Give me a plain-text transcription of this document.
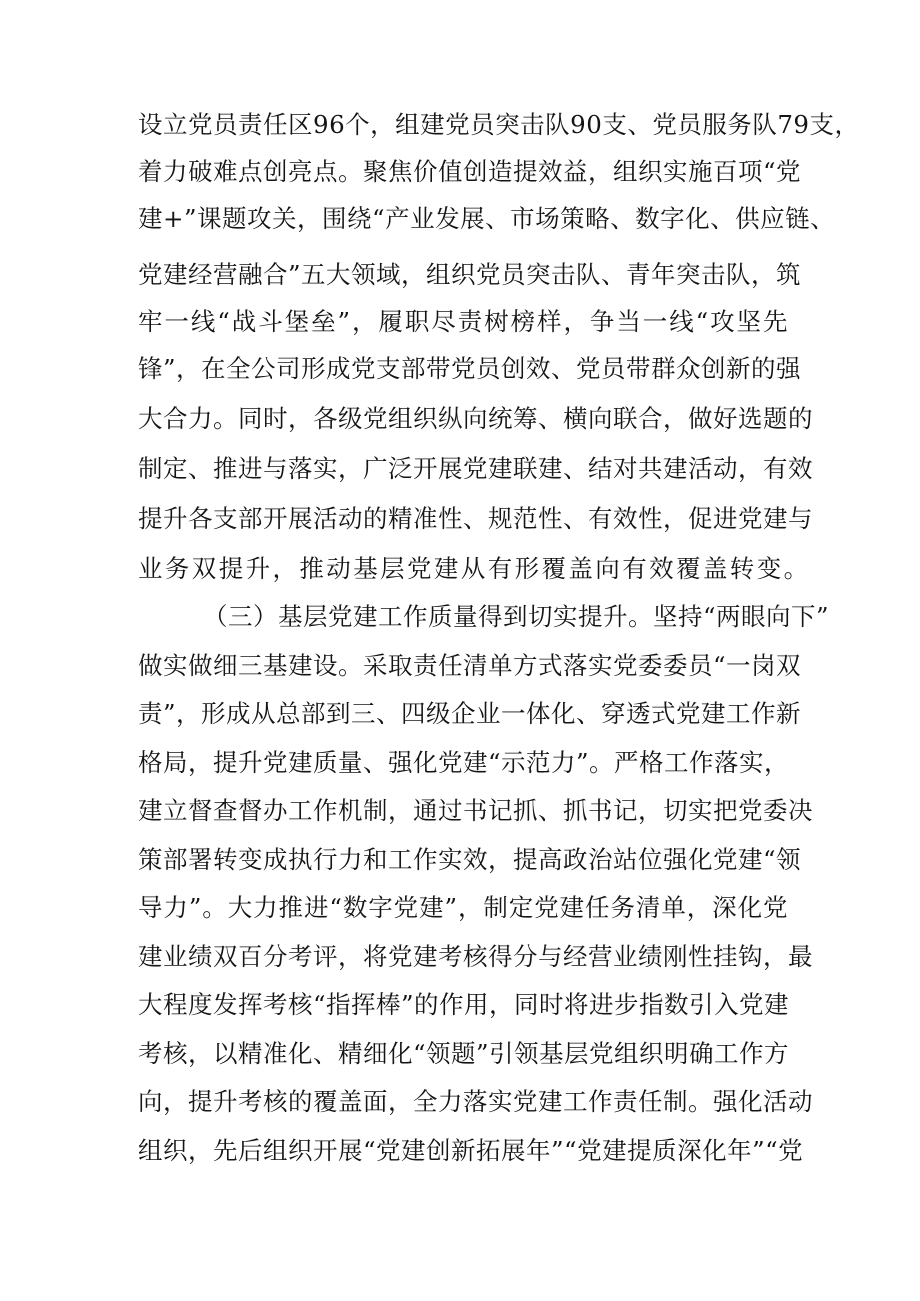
设立党员责任区96个，组建党员突击队90支、党员服务队79支，
着力破难点创亮点。聚焦价值创造提效益，组织实施百项“党
建+”课题攻关，围绕“产业发展、市场策略、数字化、供应链、
党建经营融合”五大领域，组织党员突击队、青年突击队，筑
牢一线“战斗堡垒”，履职尽责树榜样，争当一线“攻坚先
锋”，在全公司形成党支部带党员创效、党员带群众创新的强
大合力。同时，各级党组织纵向统筹、横向联合，做好选题的
制定、推进与落实，广泛开展党建联建、结对共建活动，有效
提升各支部开展活动的精准性、规范性、有效性，促进党建与
业务双提升，推动基层党建从有形覆盖向有效覆盖转变。
（三）基层党建工作质量得到切实提升。坚持“两眼向下”
做实做细三基建设。采取责任清单方式落实党委委员“一岗双
责”，形成从总部到三、四级企业一体化、穿透式党建工作新
格局，提升党建质量、强化党建“示范力”。严格工作落实，
建立督查督办工作机制，通过书记抓、抓书记，切实把党委决
策部署转变成执行力和工作实效，提高政治站位强化党建“领
导力”。大力推进“数字党建”，制定党建任务清单，深化党
建业绩双百分考评，将党建考核得分与经营业绩刚性挂钩，最
大程度发挥考核“指挥棒”的作用，同时将进步指数引入党建
考核，以精准化、精细化“领题”引领基层党组织明确工作方
向，提升考核的覆盖面，全力落实党建工作责任制。强化活动
组织，先后组织开展“党建创新拓展年”“党建提质深化年”“党
